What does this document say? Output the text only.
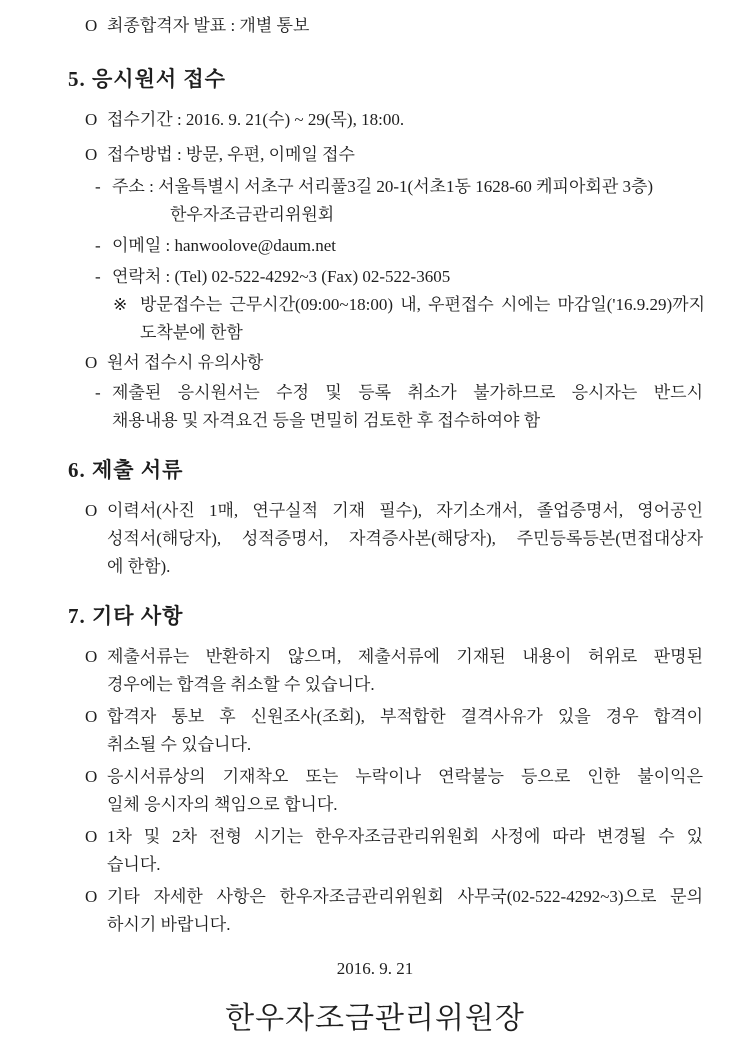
O 최종합격자 발표 : 개별 통보
5. 응시원서 접수
O 접수기간 : 2016. 9. 21(수) ~ 29(목), 18:00.
O 접수방법 : 방문, 우편, 이메일 접수
- 주소 : 서울특별시 서초구 서리풀3길 20-1(서초1동 1628-60 케피아회관 3층)
한우자조금관리위원회
- 이메일 : hanwoolove@daum.net
- 연락처 : (Tel) 02-522-4292~3 (Fax) 02-522-3605
※ 방문접수는 근무시간(09:00~18:00) 내, 우편접수 시에는 마감일('16.9.29)까지
도착분에 한함
O 원서 접수시 유의사항
- 제출된 응시원서는 수정 및 등록 취소가 불가하므로 응시자는 반드시
채용내용 및 자격요건 등을 면밀히 검토한 후 접수하여야 함
6. 제출 서류
O 이력서(사진 1매, 연구실적 기재 필수), 자기소개서, 졸업증명서, 영어공인
성적서(해당자), 성적증명서, 자격증사본(해당자), 주민등록등본(면접대상자
에 한함).
7. 기타 사항
O 제출서류는 반환하지 않으며, 제출서류에 기재된 내용이 허위로 판명된
경우에는 합격을 취소할 수 있습니다.
O 합격자 통보 후 신원조사(조회), 부적합한 결격사유가 있을 경우 합격이
취소될 수 있습니다.
O 응시서류상의 기재착오 또는 누락이나 연락불능 등으로 인한 불이익은
일체 응시자의 책임으로 합니다.
O 1차 및 2차 전형 시기는 한우자조금관리위원회 사정에 따라 변경될 수 있
습니다.
O 기타 자세한 사항은 한우자조금관리위원회 사무국(02-522-4292~3)으로 문의
하시기 바랍니다.
2016. 9. 21
한우자조금관리위원장
